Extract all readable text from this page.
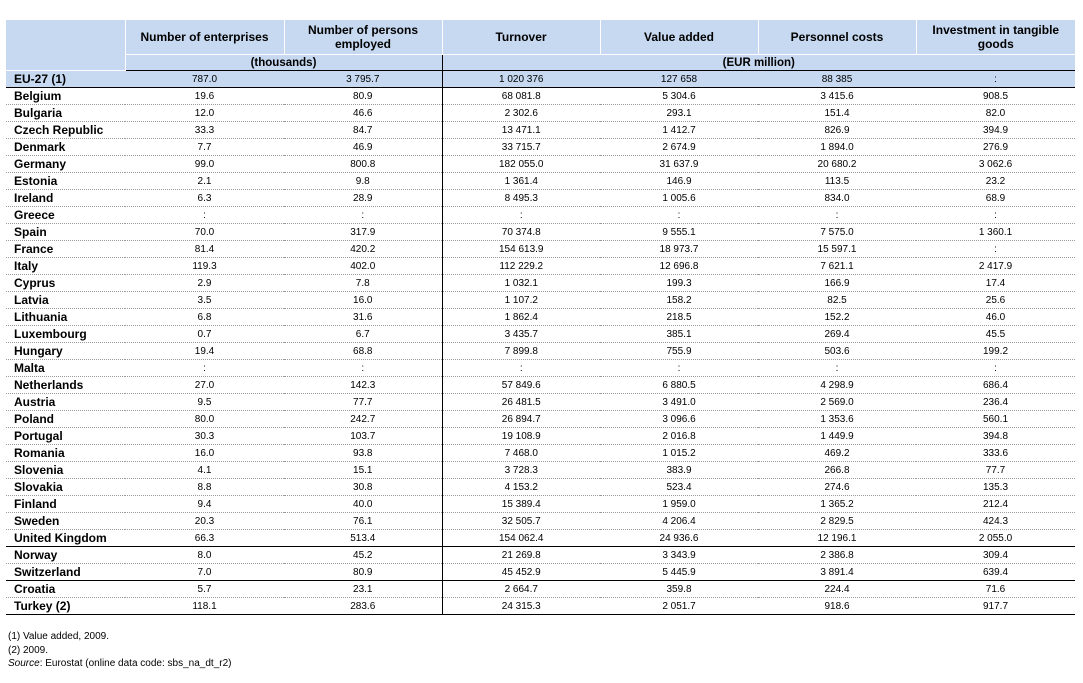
	Number of enterprises	Number of persons employed	Turnover	Value added	Personnel costs	Investment in tangible goods
	(thousands)		(EUR million)			
EU-27 (1)	787.0	3 795.7	1 020 376	127 658	88 385	:
Belgium	19.6	80.9	68 081.8	5 304.6	3 415.6	908.5
Bulgaria	12.0	46.6	2 302.6	293.1	151.4	82.0
Czech Republic	33.3	84.7	13 471.1	1 412.7	826.9	394.9
Denmark	7.7	46.9	33 715.7	2 674.9	1 894.0	276.9
Germany	99.0	800.8	182 055.0	31 637.9	20 680.2	3 062.6
Estonia	2.1	9.8	1 361.4	146.9	113.5	23.2
Ireland	6.3	28.9	8 495.3	1 005.6	834.0	68.9
Greece	:	:	:	:	:	:
Spain	70.0	317.9	70 374.8	9 555.1	7 575.0	1 360.1
France	81.4	420.2	154 613.9	18 973.7	15 597.1	:
Italy	119.3	402.0	112 229.2	12 696.8	7 621.1	2 417.9
Cyprus	2.9	7.8	1 032.1	199.3	166.9	17.4
Latvia	3.5	16.0	1 107.2	158.2	82.5	25.6
Lithuania	6.8	31.6	1 862.4	218.5	152.2	46.0
Luxembourg	0.7	6.7	3 435.7	385.1	269.4	45.5
Hungary	19.4	68.8	7 899.8	755.9	503.6	199.2
Malta	:	:	:	:	:	:
Netherlands	27.0	142.3	57 849.6	6 880.5	4 298.9	686.4
Austria	9.5	77.7	26 481.5	3 491.0	2 569.0	236.4
Poland	80.0	242.7	26 894.7	3 096.6	1 353.6	560.1
Portugal	30.3	103.7	19 108.9	2 016.8	1 449.9	394.8
Romania	16.0	93.8	7 468.0	1 015.2	469.2	333.6
Slovenia	4.1	15.1	3 728.3	383.9	266.8	77.7
Slovakia	8.8	30.8	4 153.2	523.4	274.6	135.3
Finland	9.4	40.0	15 389.4	1 959.0	1 365.2	212.4
Sweden	20.3	76.1	32 505.7	4 206.4	2 829.5	424.3
United Kingdom	66.3	513.4	154 062.4	24 936.6	12 196.1	2 055.0
Norway	8.0	45.2	21 269.8	3 343.9	2 386.8	309.4
Switzerland	7.0	80.9	45 452.9	5 445.9	3 891.4	639.4
Croatia	5.7	23.1	2 664.7	359.8	224.4	71.6
Turkey (2)	118.1	283.6	24 315.3	2 051.7	918.6	917.7
(1) Value added, 2009.
(2) 2009.
Source: Eurostat (online data code: sbs_na_dt_r2)
